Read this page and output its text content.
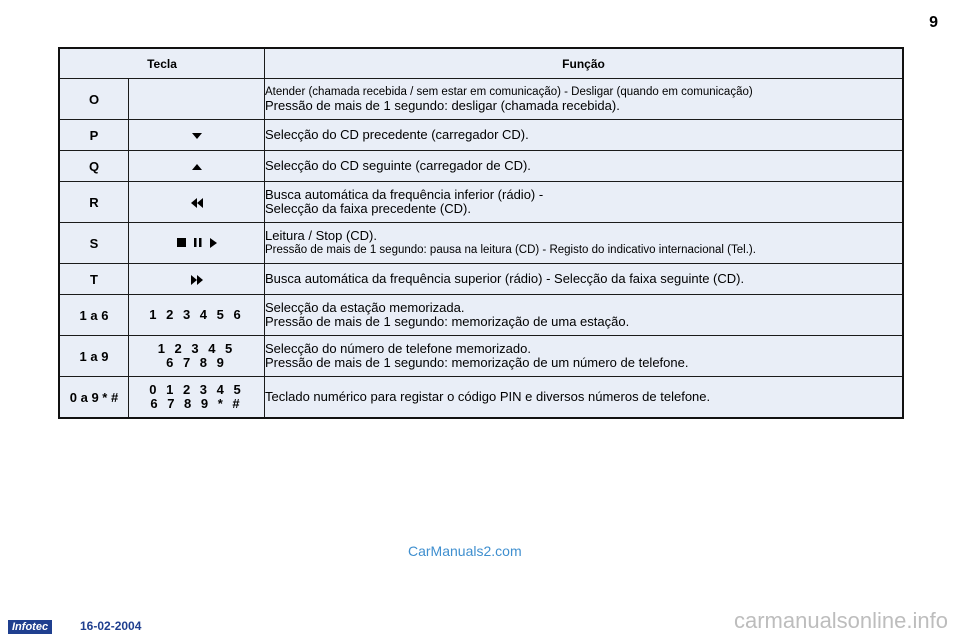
9
Tecla		Função
O		Atender (chamada recebida / sem estar em comunicação) - Desligar (quando em comunicação)
Pressão de mais de 1 segundo: desligar (chamada recebida).

P		Selecção do CD precedente (carregador CD).

Q		Selecção do CD seguinte (carregador de CD).

R		Busca automática da frequência inferior (rádio) -
Selecção da faixa precedente (CD).

S		Leitura / Stop (CD).
Pressão de mais de 1 segundo: pausa na leitura (CD) - Registo do indicativo internacional (Tel.).

T		Busca automática da frequência superior (rádio) - Selecção da faixa seguinte (CD).

1 a 6	1 2 3 4 5 6	Selecção da estação memorizada.
Pressão de mais de 1 segundo: memorização de uma estação.

1 a 9	1 2 3 4 5
6 7 8 9	Selecção do número de telefone memorizado.
Pressão de mais de 1 segundo: memorização de um número de telefone.

0 a 9 * #	0 1 2 3 4 5
6 7 8 9 * #	Teclado numérico para registar o código PIN e diversos números de telefone.
Infotec	16-02-2004
CarManuals2.com
carmanualsonline.info
